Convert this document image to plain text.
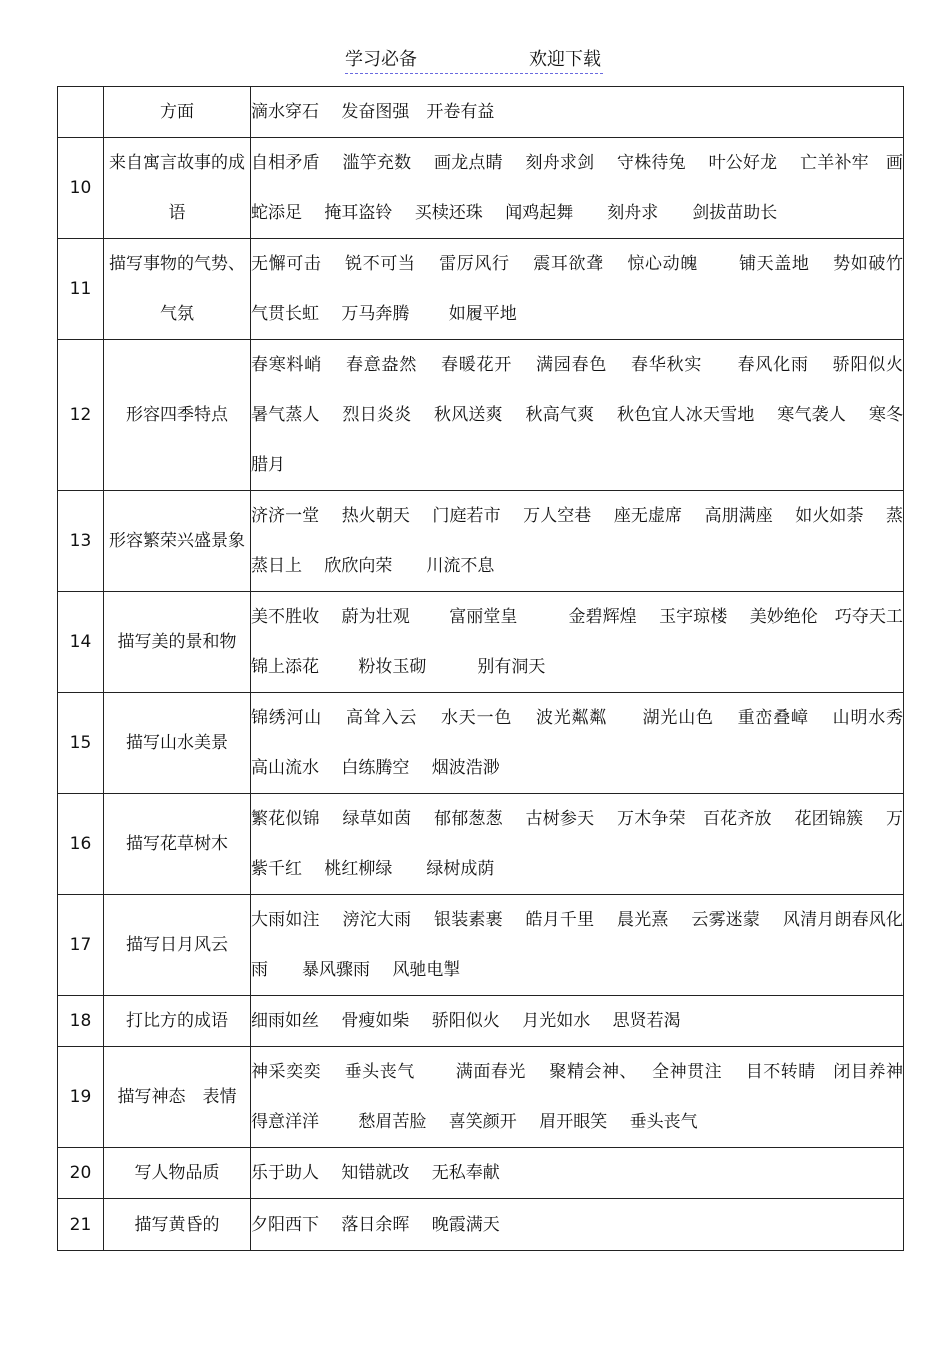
学习必备	欢迎下载
	方面	滴水穿石　 发奋图强　开卷有益
10	来自寓言故事的成语	自相矛盾　 滥竽充数　 画龙点睛　 刻舟求剑　 守株待兔　 叶公好龙　 亡羊补牢　画蛇添足　 掩耳盗铃　 买椟还珠　 闻鸡起舞　　刻舟求　　剑拔苗助长
11	描写事物的气势、气氛	无懈可击　 锐不可当　 雷厉风行　 震耳欲聋　 惊心动魄　　 铺天盖地　 势如破竹　 气贯长虹　 万马奔腾　　 如履平地
12	形容四季特点	春寒料峭　 春意盎然　 春暖花开　 满园春色　 春华秋实　　春风化雨　 骄阳似火　 暑气蒸人　 烈日炎炎　 秋风送爽　 秋高气爽　 秋色宜人冰天雪地　 寒气袭人　 寒冬腊月
13	形容繁荣兴盛景象	济济一堂　 热火朝天　 门庭若市　 万人空巷　 座无虚席　 高朋满座　 如火如荼　 蒸蒸日上　 欣欣向荣　　川流不息
14	描写美的景和物	美不胜收　 蔚为壮观　　 富丽堂皇　　　金碧辉煌　 玉宇琼楼　 美妙绝伦　巧夺天工　 锦上添花　　 粉妆玉砌　　　别有洞天
15	描写山水美景	锦绣河山　 高耸入云　 水天一色　 波光粼粼　　湖光山色　 重峦叠嶂　 山明水秀　　 高山流水　 白练腾空　 烟波浩渺
16	描写花草树木	繁花似锦　 绿草如茵　 郁郁葱葱　 古树参天　 万木争荣　百花齐放　 花团锦簇　 万紫千红　 桃红柳绿　　绿树成荫
17	描写日月风云	大雨如注　 滂沱大雨　 银装素裹　 皓月千里　 晨光熹　 云雾迷蒙　 风清月朗春风化雨　　暴风骤雨　 风驰电掣
18	打比方的成语	细雨如丝　 骨瘦如柴　 骄阳似火　 月光如水　 思贤若渴
19	描写神态　表情	神采奕奕　 垂头丧气　　 满面春光　 聚精会神、　 全神贯注　 目不转睛　闭目养神　 得意洋洋　　 愁眉苦脸　 喜笑颜开　 眉开眼笑　 垂头丧气
20	写人物品质	乐于助人　 知错就改　 无私奉献
21	描写黄昏的	夕阳西下　 落日余晖　 晚霞满天
